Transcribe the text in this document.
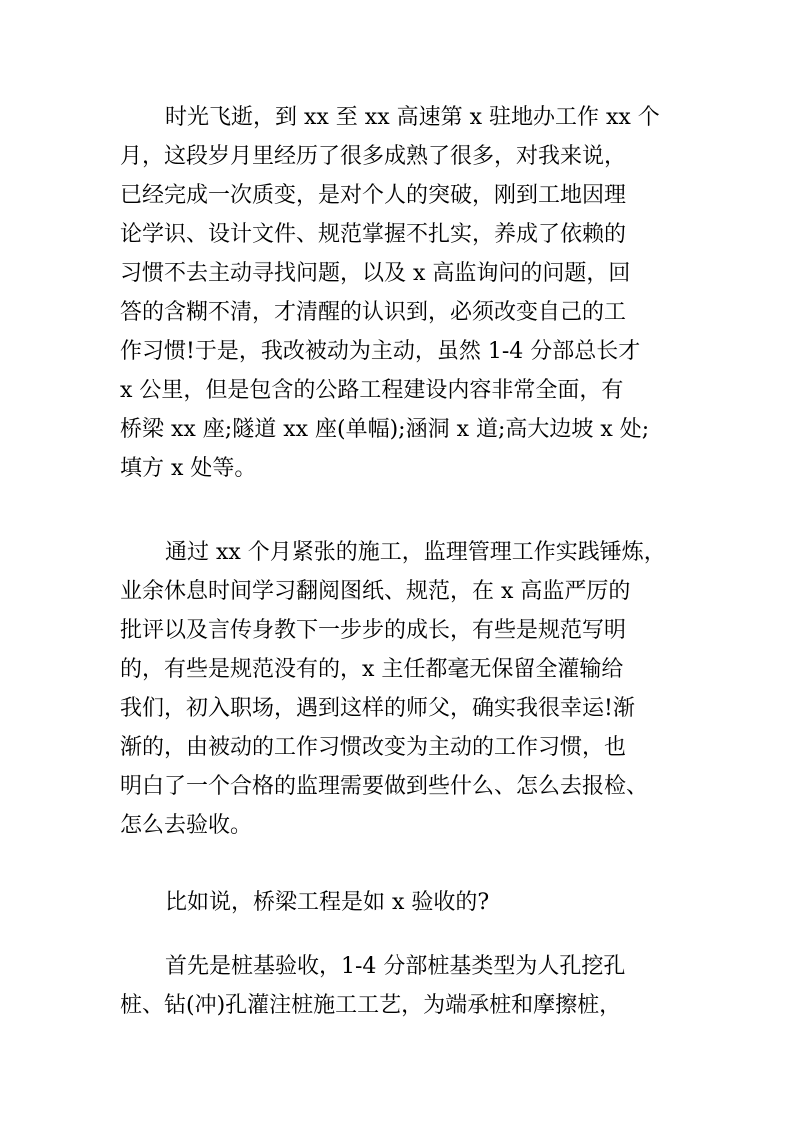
时光飞逝，到 xx 至 xx 高速第 x 驻地办工作 xx 个
月，这段岁月里经历了很多成熟了很多，对我来说，
已经完成一次质变，是对个人的突破，刚到工地因理
论学识、设计文件、规范掌握不扎实，养成了依赖的
习惯不去主动寻找问题，以及 x 高监询问的问题，回
答的含糊不清，才清醒的认识到，必须改变自己的工
作习惯!于是，我改被动为主动，虽然 1-4 分部总长才
x 公里，但是包含的公路工程建设内容非常全面，有
桥梁 xx 座;隧道 xx 座(单幅);涵洞 x 道;高大边坡 x 处;
填方 x 处等。
通过 xx 个月紧张的施工，监理管理工作实践锤炼，
业余休息时间学习翻阅图纸、规范，在 x 高监严厉的
批评以及言传身教下一步步的成长，有些是规范写明
的，有些是规范没有的，x 主任都毫无保留全灌输给
我们，初入职场，遇到这样的师父，确实我很幸运!渐
渐的，由被动的工作习惯改变为主动的工作习惯，也
明白了一个合格的监理需要做到些什么、怎么去报检、
怎么去验收。
比如说，桥梁工程是如 x 验收的?
首先是桩基验收，1-4 分部桩基类型为人孔挖孔
桩、钻(冲)孔灌注桩施工工艺，为端承桩和摩擦桩，
